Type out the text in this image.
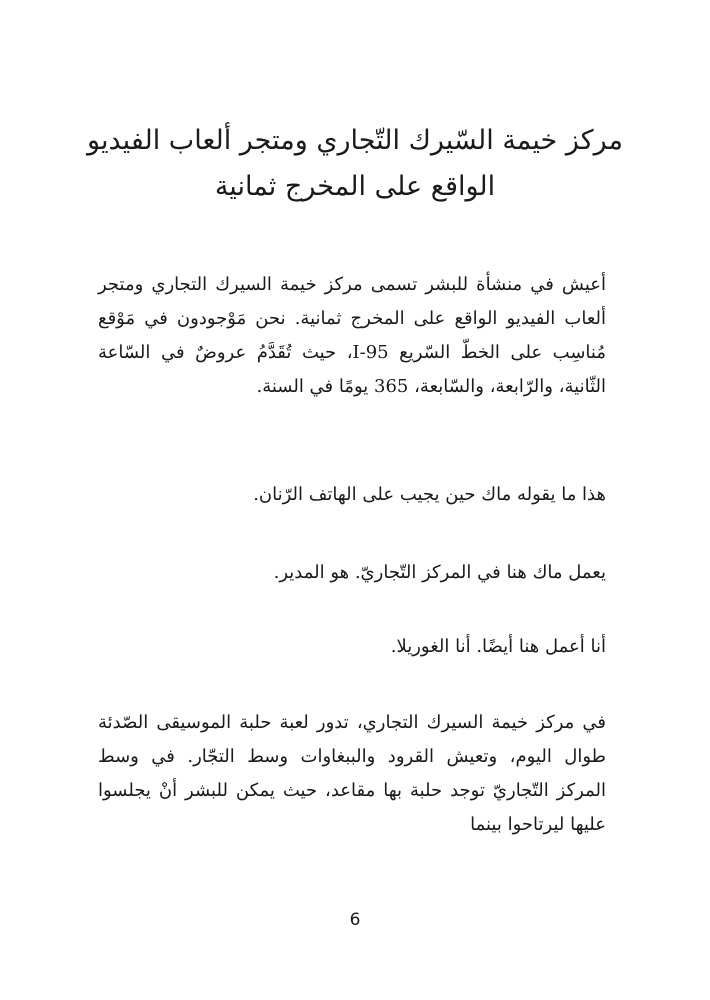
مركز خيمة السّيرك التّجاري ومتجر ألعاب الفيديو
الواقع على المخرج ثمانية

أعيش في منشأة للبشر تسمى مركز خيمة السيرك التجاري ومتجر ألعاب الفيديو الواقع على المخرج ثمانية. نحن مَوْجودون في مَوْقع مُناسِب على الخطّ السّريع 95-I، حيث تُقَدَّمُ عروضٌ في السّاعة الثّانية، والرّابعة، والسّابعة، 365 يومًا في السنة.

هذا ما يقوله ماك حين يجيب على الهاتف الرّنان.

يعمل ماك هنا في المركز التّجاريّ. هو المدير.

أنا أعمل هنا أيضًا. أنا الغوريلا.

في مركز خيمة السيرك التجاري، تدور لعبة حلبة الموسيقى الصّدئة طوال اليوم، وتعيش القرود والببغاوات وسط التجّار. في وسط المركز التّجاريّ توجد حلبة بها مقاعد، حيث يمكن للبشر أنْ يجلسوا عليها ليرتاحوا بينما

6
